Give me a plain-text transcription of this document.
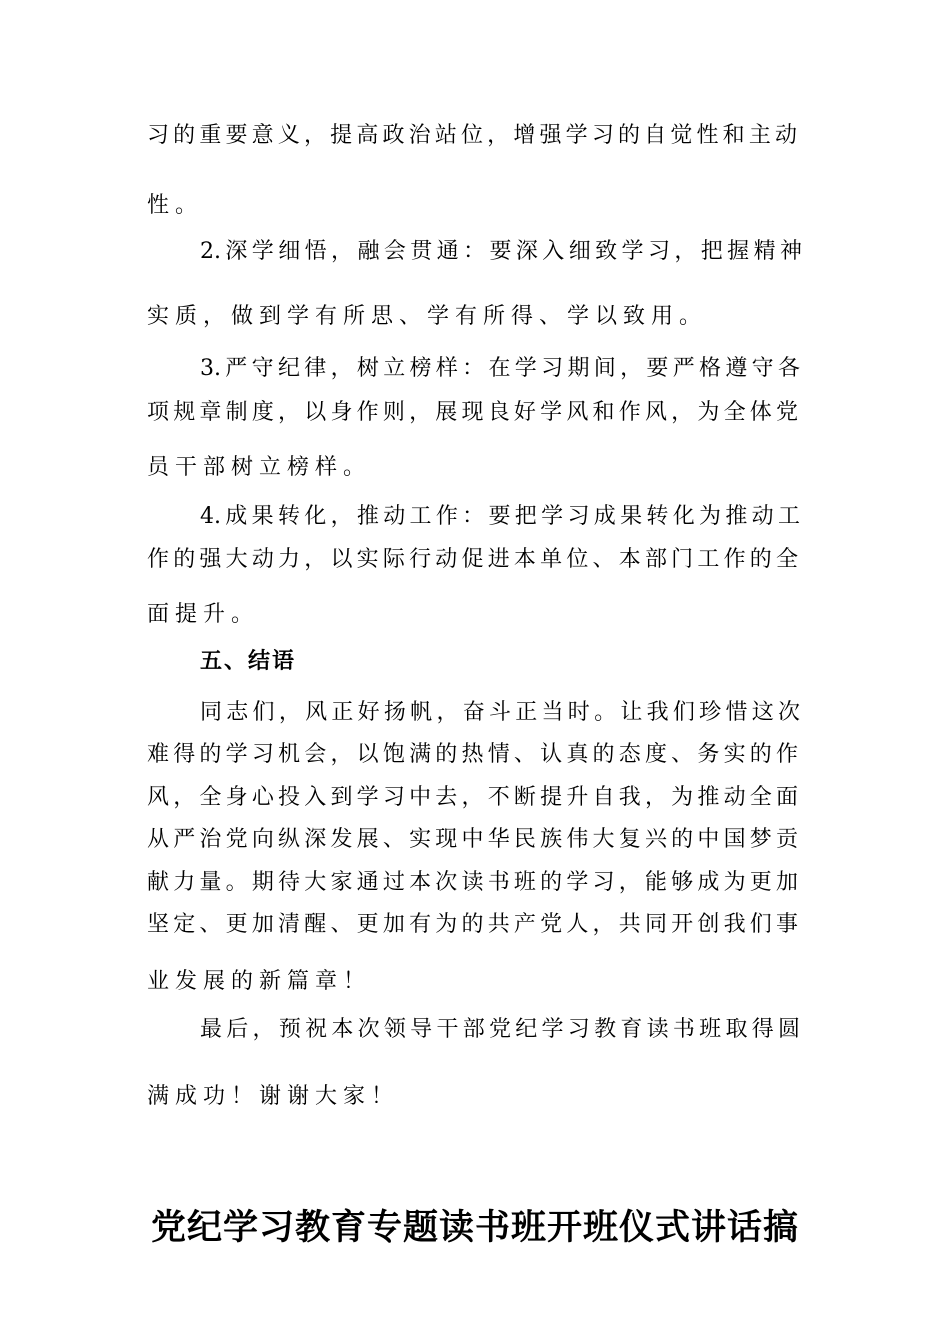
习的重要意义，提高政治站位，增强学习的自觉性和主动
性。
2.深学细悟，融会贯通：要深入细致学习，把握精神
实质，做到学有所思、学有所得、学以致用。
3.严守纪律，树立榜样：在学习期间，要严格遵守各
项规章制度，以身作则，展现良好学风和作风，为全体党
员干部树立榜样。
4.成果转化，推动工作：要把学习成果转化为推动工
作的强大动力，以实际行动促进本单位、本部门工作的全
面提升。
五、结语
同志们，风正好扬帆，奋斗正当时。让我们珍惜这次
难得的学习机会，以饱满的热情、认真的态度、务实的作
风，全身心投入到学习中去，不断提升自我，为推动全面
从严治党向纵深发展、实现中华民族伟大复兴的中国梦贡
献力量。期待大家通过本次读书班的学习，能够成为更加
坚定、更加清醒、更加有为的共产党人，共同开创我们事
业发展的新篇章！
最后，预祝本次领导干部党纪学习教育读书班取得圆
满成功！谢谢大家！
党纪学习教育专题读书班开班仪式讲话搞
